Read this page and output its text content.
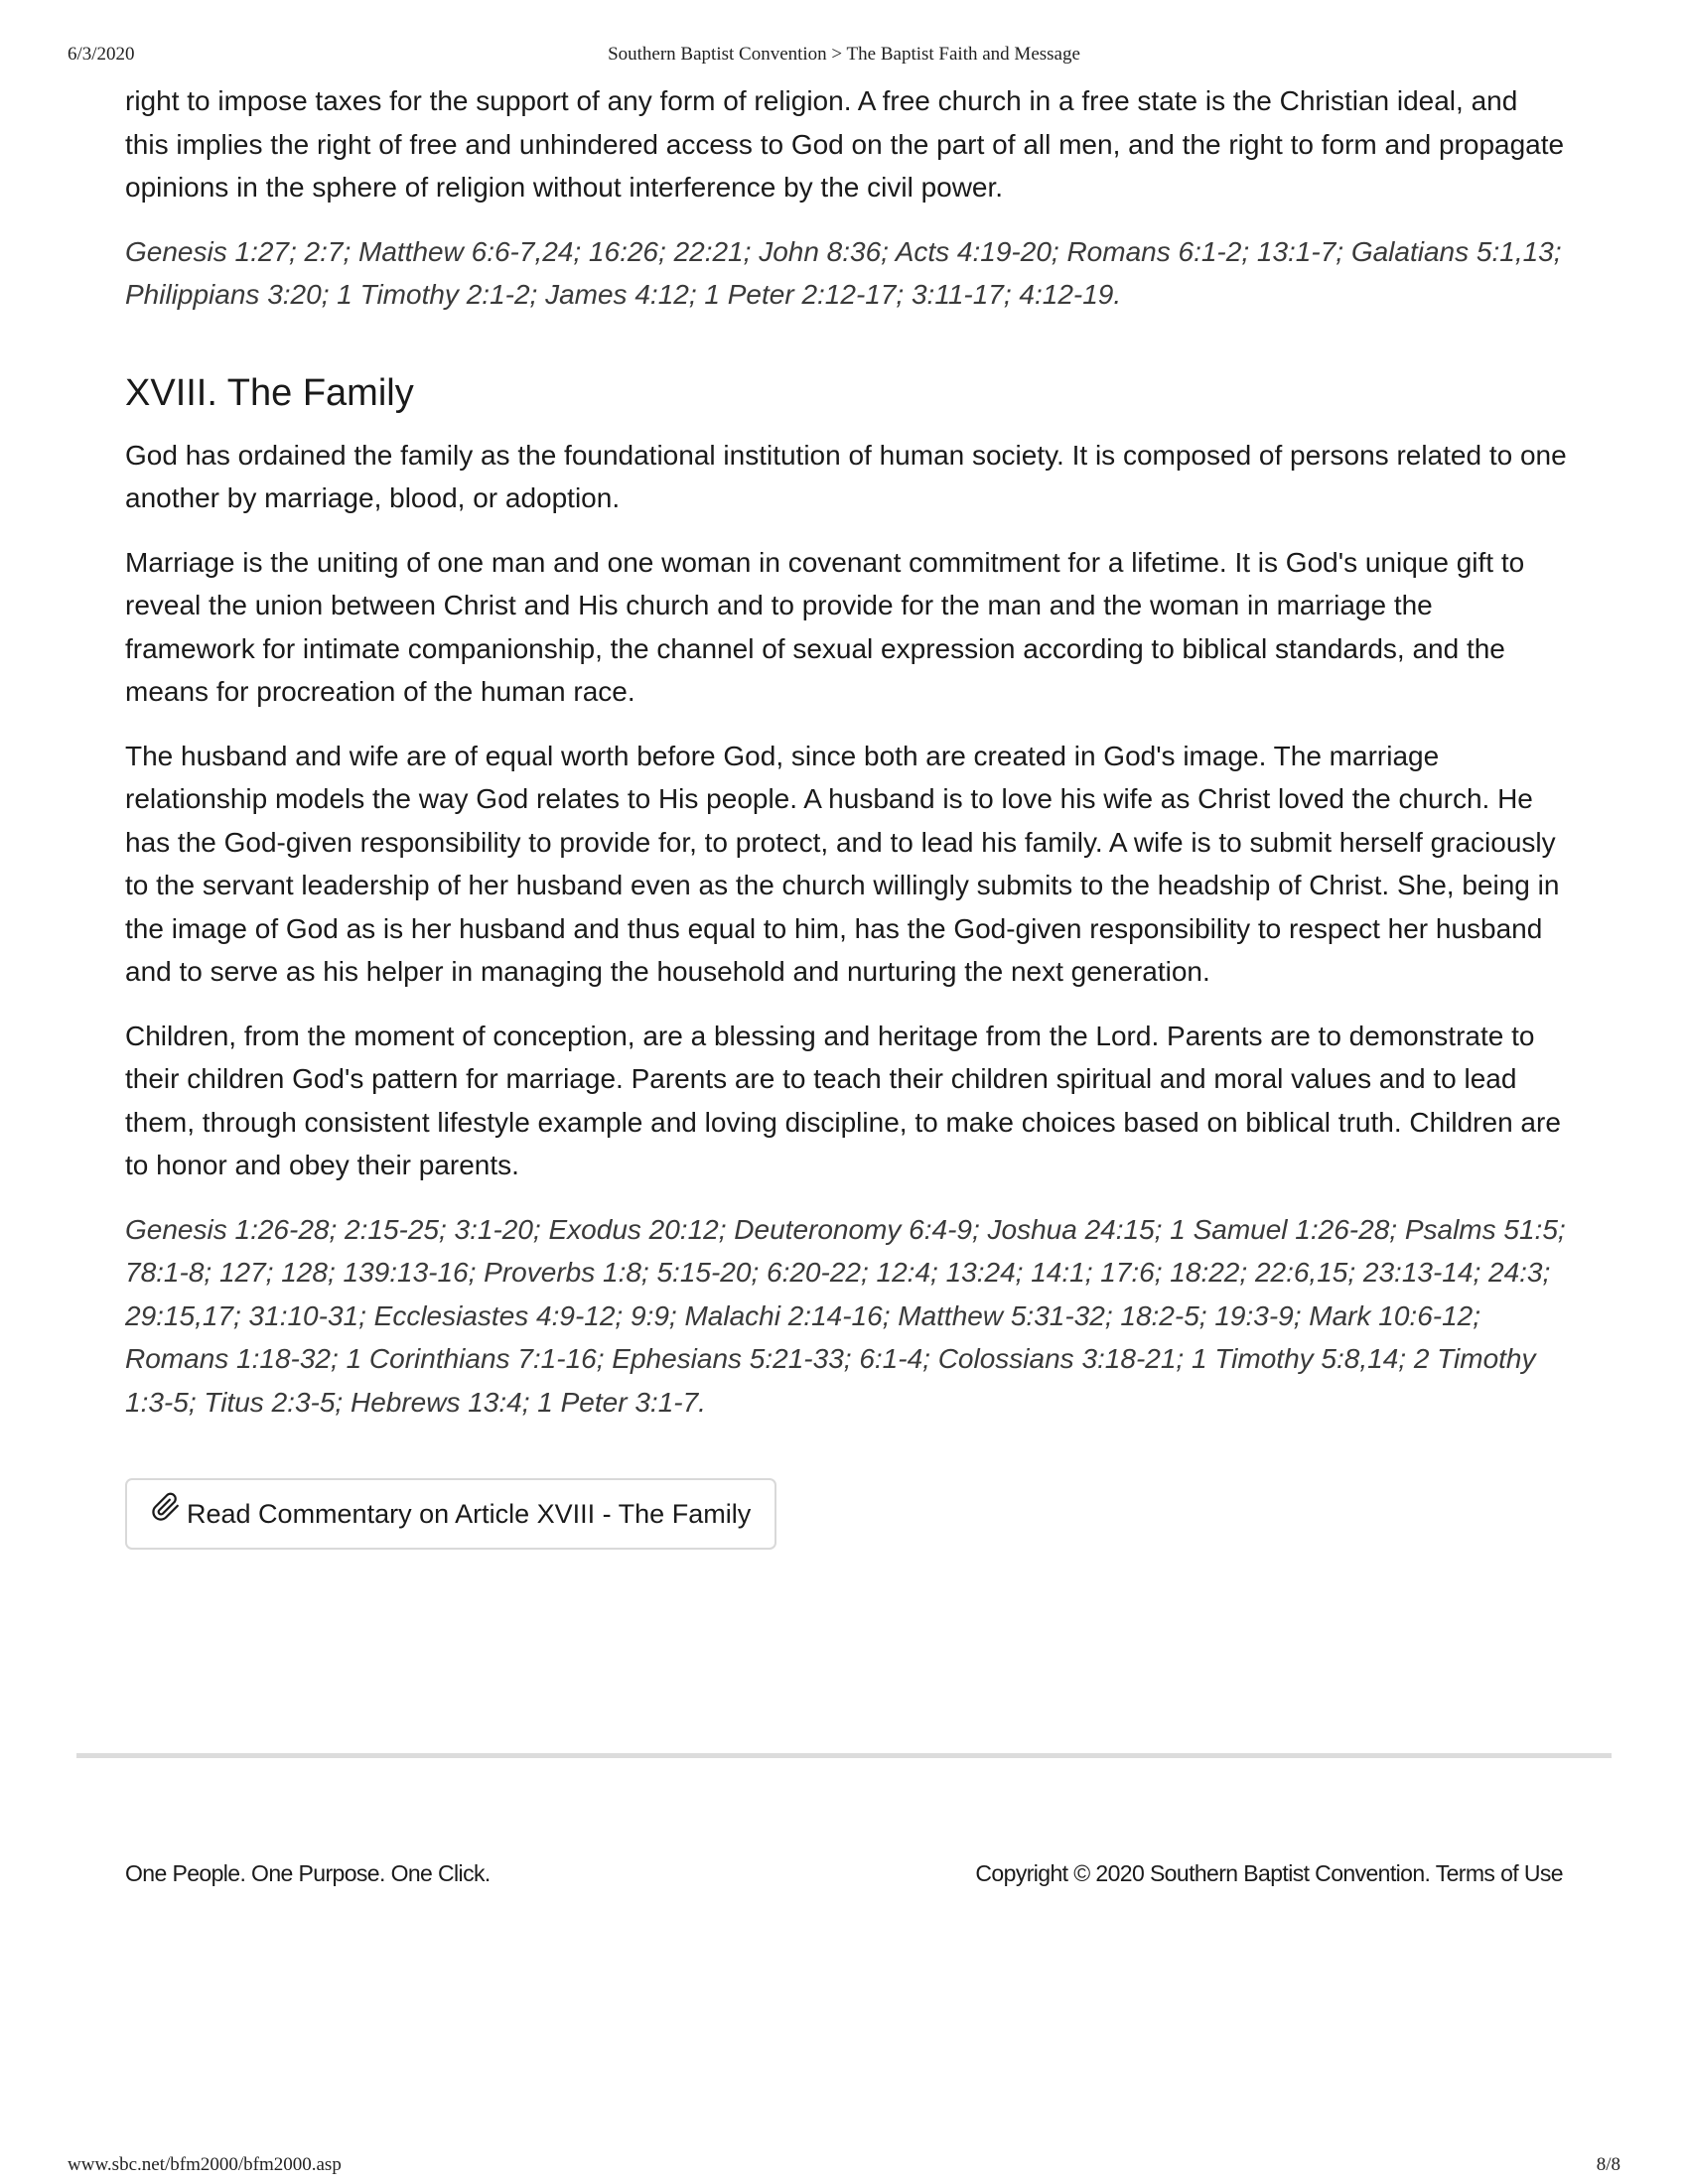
6/3/2020	Southern Baptist Convention > The Baptist Faith and Message

right to impose taxes for the support of any form of religion. A free church in a free state is the Christian ideal, and this implies the right of free and unhindered access to God on the part of all men, and the right to form and propagate opinions in the sphere of religion without interference by the civil power.

Genesis 1:27; 2:7; Matthew 6:6-7,24; 16:26; 22:21; John 8:36; Acts 4:19-20; Romans 6:1-2; 13:1-7; Galatians 5:1,13; Philippians 3:20; 1 Timothy 2:1-2; James 4:12; 1 Peter 2:12-17; 3:11-17; 4:12-19.

XVIII. The Family

God has ordained the family as the foundational institution of human society. It is composed of persons related to one another by marriage, blood, or adoption.

Marriage is the uniting of one man and one woman in covenant commitment for a lifetime. It is God's unique gift to reveal the union between Christ and His church and to provide for the man and the woman in marriage the framework for intimate companionship, the channel of sexual expression according to biblical standards, and the means for procreation of the human race.

The husband and wife are of equal worth before God, since both are created in God's image. The marriage relationship models the way God relates to His people. A husband is to love his wife as Christ loved the church. He has the God-given responsibility to provide for, to protect, and to lead his family. A wife is to submit herself graciously to the servant leadership of her husband even as the church willingly submits to the headship of Christ. She, being in the image of God as is her husband and thus equal to him, has the God-given responsibility to respect her husband and to serve as his helper in managing the household and nurturing the next generation.

Children, from the moment of conception, are a blessing and heritage from the Lord. Parents are to demonstrate to their children God's pattern for marriage. Parents are to teach their children spiritual and moral values and to lead them, through consistent lifestyle example and loving discipline, to make choices based on biblical truth. Children are to honor and obey their parents.

Genesis 1:26-28; 2:15-25; 3:1-20; Exodus 20:12; Deuteronomy 6:4-9; Joshua 24:15; 1 Samuel 1:26-28; Psalms 51:5; 78:1-8; 127; 128; 139:13-16; Proverbs 1:8; 5:15-20; 6:20-22; 12:4; 13:24; 14:1; 17:6; 18:22; 22:6,15; 23:13-14; 24:3; 29:15,17; 31:10-31; Ecclesiastes 4:9-12; 9:9; Malachi 2:14-16; Matthew 5:31-32; 18:2-5; 19:3-9; Mark 10:6-12; Romans 1:18-32; 1 Corinthians 7:1-16; Ephesians 5:21-33; 6:1-4; Colossians 3:18-21; 1 Timothy 5:8,14; 2 Timothy 1:3-5; Titus 2:3-5; Hebrews 13:4; 1 Peter 3:1-7.

Read Commentary on Article XVIII - The Family
One People. One Purpose. One Click.	Copyright © 2020 Southern Baptist Convention. Terms of Use
www.sbc.net/bfm2000/bfm2000.asp	8/8
